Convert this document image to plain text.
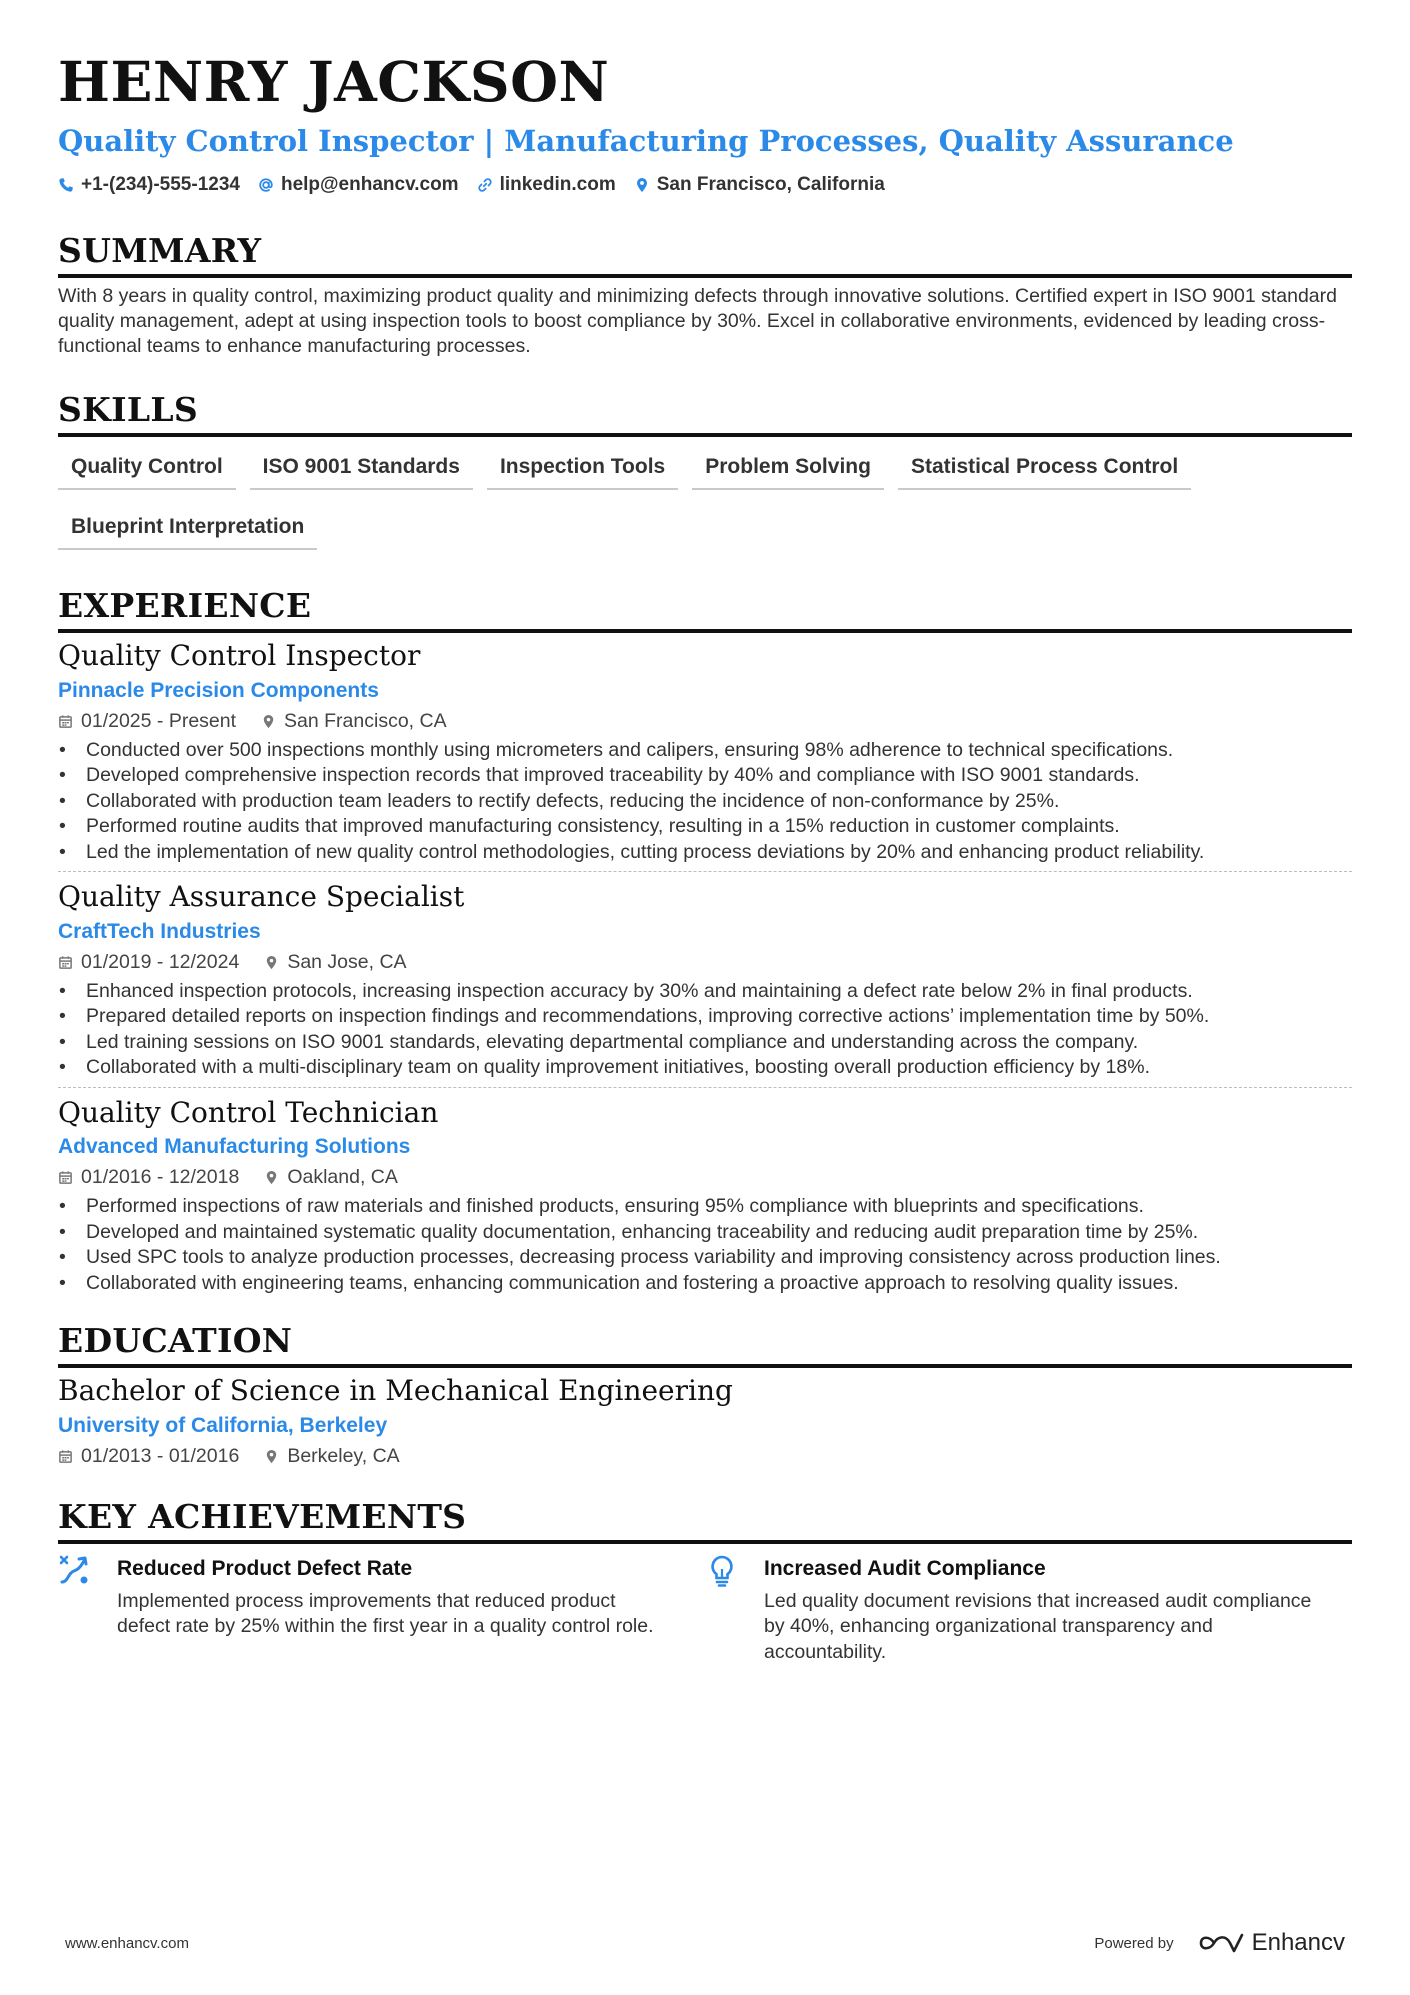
HENRY JACKSON
Quality Control Inspector | Manufacturing Processes, Quality Assurance
+1-(234)-555-1234 help@enhancv.com linkedin.com San Francisco, California
SUMMARY

With 8 years in quality control, maximizing product quality and minimizing defects through innovative solutions. Certified expert in ISO 9001 standard quality management, adept at using inspection tools to boost compliance by 30%. Excel in collaborative environments, evidenced by leading cross-functional teams to enhance manufacturing processes.

SKILLS
Quality Control	ISO 9001 Standards	Inspection Tools	Problem Solving	Statistical Process Control
Blueprint Interpretation
EXPERIENCE
Quality Control Inspector
Pinnacle Precision Components
01/2025 - Present San Francisco, CA
• Conducted over 500 inspections monthly using micrometers and calipers, ensuring 98% adherence to technical specifications.
• Developed comprehensive inspection records that improved traceability by 40% and compliance with ISO 9001 standards.
• Collaborated with production team leaders to rectify defects, reducing the incidence of non-conformance by 25%.
• Performed routine audits that improved manufacturing consistency, resulting in a 15% reduction in customer complaints.
• Led the implementation of new quality control methodologies, cutting process deviations by 20% and enhancing product reliability.
Quality Assurance Specialist
CraftTech Industries
01/2019 - 12/2024 San Jose, CA
• Enhanced inspection protocols, increasing inspection accuracy by 30% and maintaining a defect rate below 2% in final products.
• Prepared detailed reports on inspection findings and recommendations, improving corrective actions’ implementation time by 50%.
• Led training sessions on ISO 9001 standards, elevating departmental compliance and understanding across the company.
• Collaborated with a multi-disciplinary team on quality improvement initiatives, boosting overall production efficiency by 18%.
Quality Control Technician
Advanced Manufacturing Solutions
01/2016 - 12/2018 Oakland, CA
• Performed inspections of raw materials and finished products, ensuring 95% compliance with blueprints and specifications.
• Developed and maintained systematic quality documentation, enhancing traceability and reducing audit preparation time by 25%.
• Used SPC tools to analyze production processes, decreasing process variability and improving consistency across production lines.
• Collaborated with engineering teams, enhancing communication and fostering a proactive approach to resolving quality issues.
EDUCATION
Bachelor of Science in Mechanical Engineering
University of California, Berkeley
01/2013 - 01/2016 Berkeley, CA
KEY ACHIEVEMENTS
Reduced Product Defect Rate
Implemented process improvements that reduced product defect rate by 25% within the first year in a quality control role.
Increased Audit Compliance
Led quality document revisions that increased audit compliance by 40%, enhancing organizational transparency and accountability.
www.enhancv.com	Powered by	Enhancv
